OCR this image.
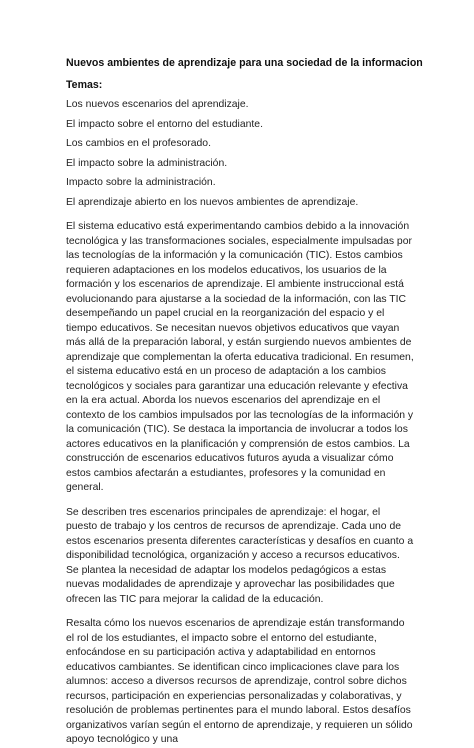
Nuevos ambientes de aprendizaje para una sociedad de la informacion
Temas:
Los nuevos escenarios del aprendizaje.
El impacto sobre el entorno del estudiante.
Los cambios en el profesorado.
El impacto sobre la administración.
Impacto sobre la administración.
El aprendizaje abierto en los nuevos ambientes de aprendizaje.

El sistema educativo está experimentando cambios debido a la innovación tecnológica y las transformaciones sociales, especialmente impulsadas por las tecnologías de la información y la comunicación (TIC). Estos cambios requieren adaptaciones en los modelos educativos, los usuarios de la formación y los escenarios de aprendizaje. El ambiente instruccional está evolucionando para ajustarse a la sociedad de la información, con las TIC desempeñando un papel crucial en la reorganización del espacio y el tiempo educativos. Se necesitan nuevos objetivos educativos que vayan más allá de la preparación laboral, y están surgiendo nuevos ambientes de aprendizaje que complementan la oferta educativa tradicional. En resumen, el sistema educativo está en un proceso de adaptación a los cambios tecnológicos y sociales para garantizar una educación relevante y efectiva en la era actual. Aborda los nuevos escenarios del aprendizaje en el contexto de los cambios impulsados por las tecnologías de la información y la comunicación (TIC). Se destaca la importancia de involucrar a todos los actores educativos en la planificación y comprensión de estos cambios. La construcción de escenarios educativos futuros ayuda a visualizar cómo estos cambios afectarán a estudiantes, profesores y la comunidad en general.

Se describen tres escenarios principales de aprendizaje: el hogar, el puesto de trabajo y los centros de recursos de aprendizaje. Cada uno de estos escenarios presenta diferentes características y desafíos en cuanto a disponibilidad tecnológica, organización y acceso a recursos educativos. Se plantea la necesidad de adaptar los modelos pedagógicos a estas nuevas modalidades de aprendizaje y aprovechar las posibilidades que ofrecen las TIC para mejorar la calidad de la educación.

Resalta cómo los nuevos escenarios de aprendizaje están transformando el rol de los estudiantes, el impacto sobre el entorno del estudiante, enfocándose en su participación activa y adaptabilidad en entornos educativos cambiantes. Se identifican cinco implicaciones clave para los alumnos: acceso a diversos recursos de aprendizaje, control sobre dichos recursos, participación en experiencias personalizadas y colaborativas, y resolución de problemas pertinentes para el mundo laboral. Estos desafíos organizativos varían según el entorno de aprendizaje, y requieren un sólido apoyo tecnológico y una
